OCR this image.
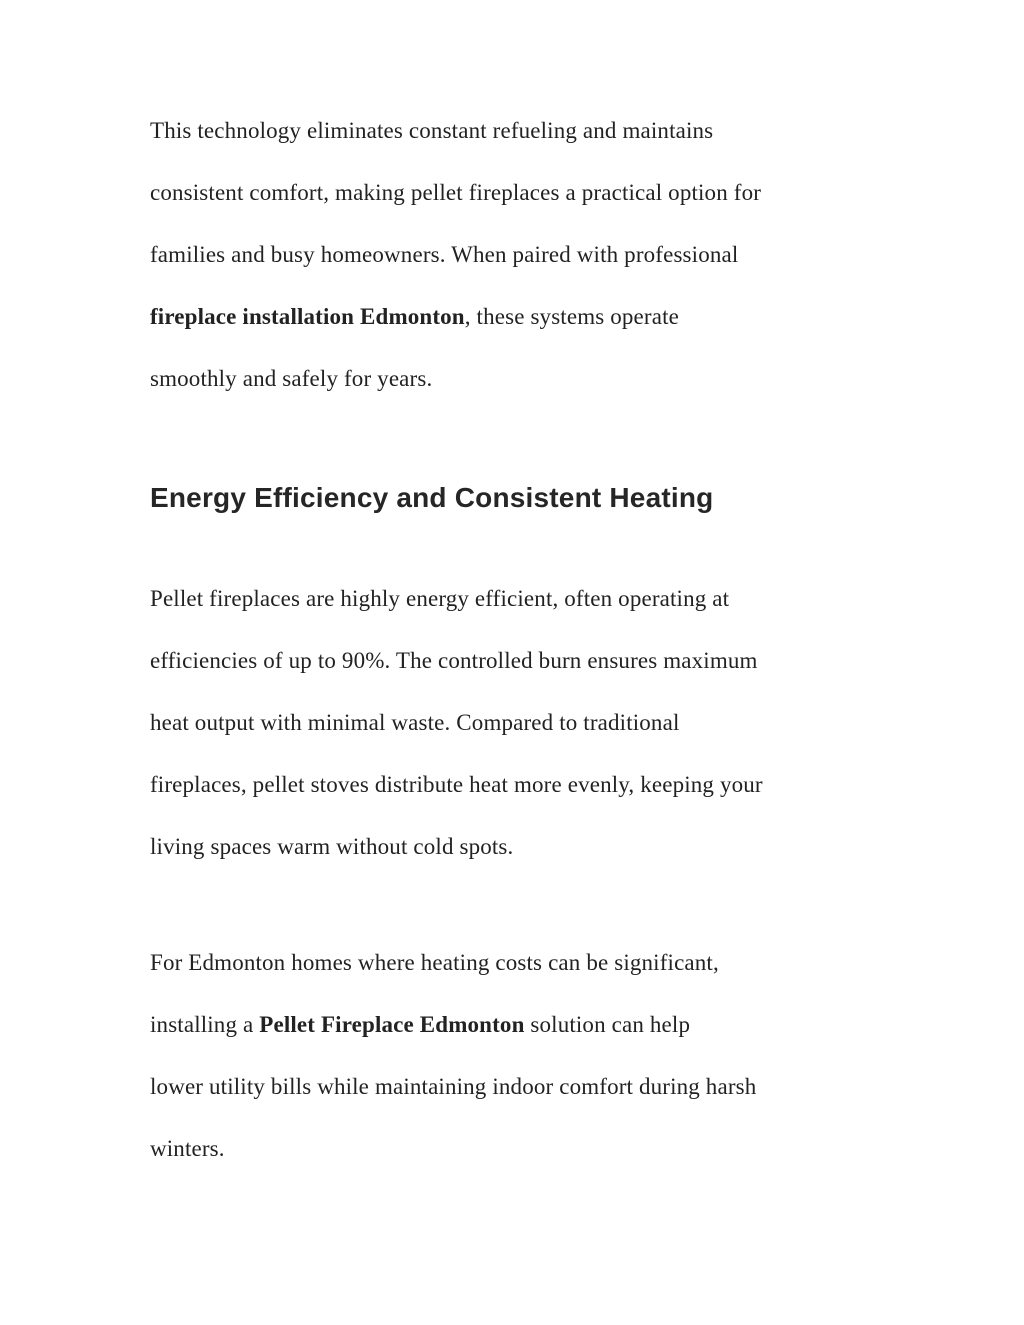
This technology eliminates constant refueling and maintains
consistent comfort, making pellet fireplaces a practical option for
families and busy homeowners. When paired with professional
fireplace installation Edmonton, these systems operate
smoothly and safely for years.

Energy Efficiency and Consistent Heating

Pellet fireplaces are highly energy efficient, often operating at
efficiencies of up to 90%. The controlled burn ensures maximum
heat output with minimal waste. Compared to traditional
fireplaces, pellet stoves distribute heat more evenly, keeping your
living spaces warm without cold spots.

For Edmonton homes where heating costs can be significant,
installing a Pellet Fireplace Edmonton solution can help
lower utility bills while maintaining indoor comfort during harsh
winters.
